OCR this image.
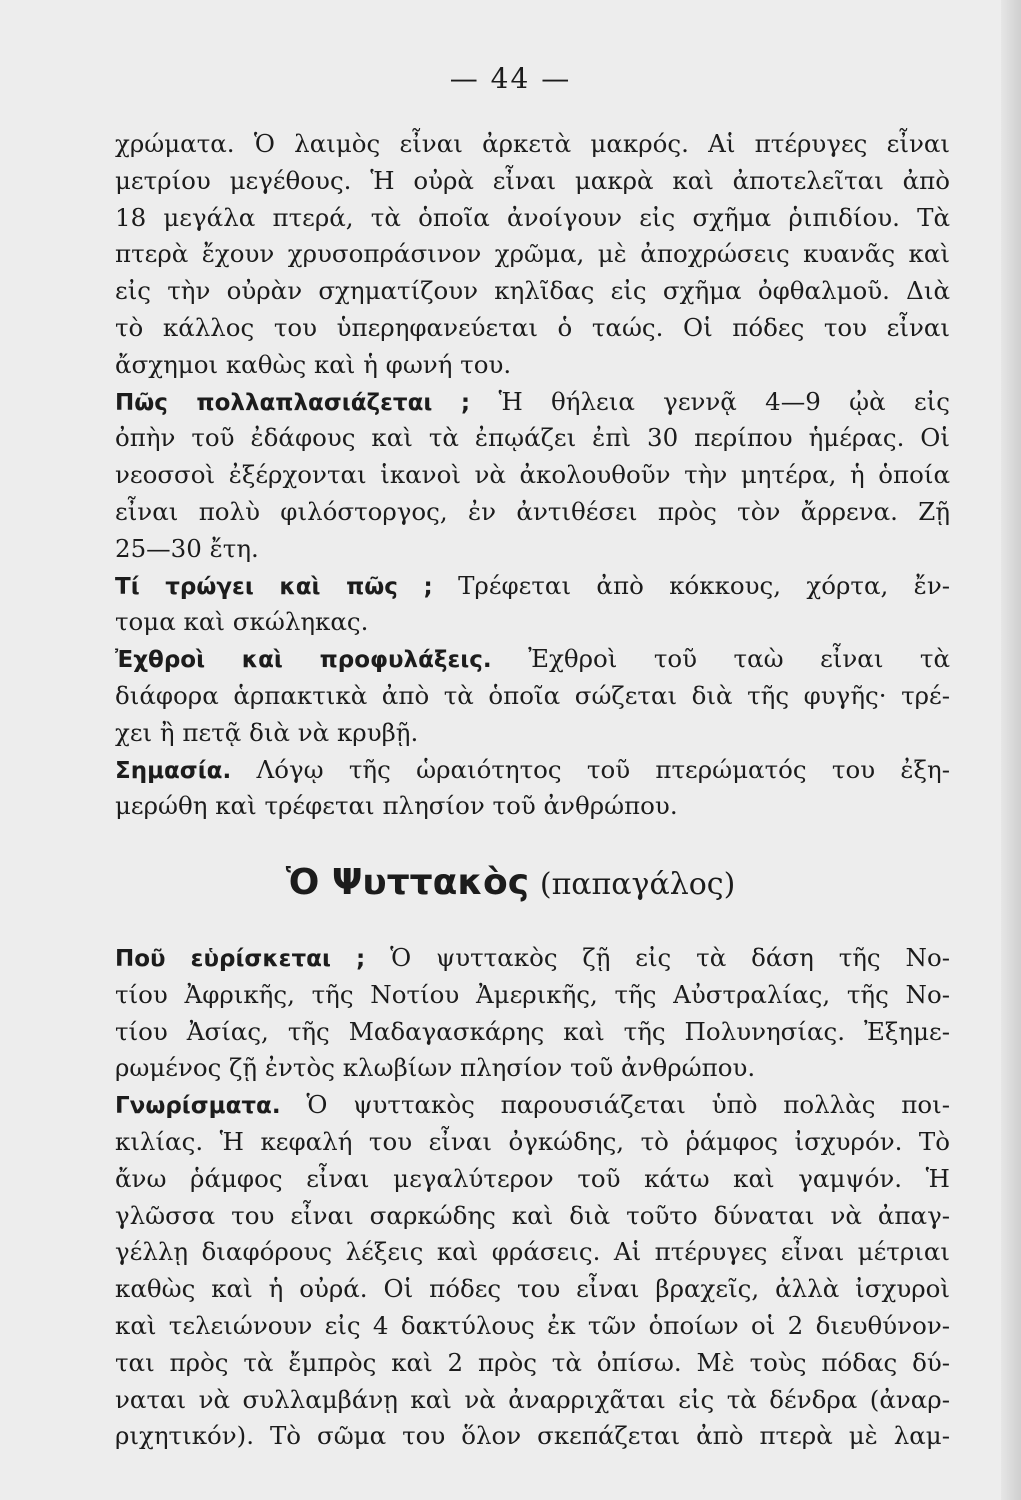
— 44 —
χρώματα. Ὁ λαιμὸς εἶναι ἀρκετὰ μακρός. Αἱ πτέρυγες εἶναι
μετρίου μεγέθους. Ἡ οὐρὰ εἶναι μακρὰ καὶ ἀποτελεῖται ἀπὸ
18 μεγάλα πτερά, τὰ ὁποῖα ἀνοίγουν εἰς σχῆμα ῥιπιδίου. Τὰ
πτερὰ ἔχουν χρυσοπράσινον χρῶμα, μὲ ἀποχρώσεις κυανᾶς καὶ
εἰς τὴν οὐρὰν σχηματίζουν κηλῖδας εἰς σχῆμα ὀφθαλμοῦ. Διὰ
τὸ κάλλος του ὑπερηφανεύεται ὁ ταώς. Οἱ πόδες του εἶναι
ἄσχημοι καθὼς καὶ ἡ φωνή του.
Πῶς πολλαπλασιάζεται ; Ἡ θήλεια γεννᾷ 4—9 ᾠὰ εἰς
ὀπὴν τοῦ ἐδάφους καὶ τὰ ἐπῳάζει ἐπὶ 30 περίπου ἡμέρας. Οἱ
νεοσσοὶ ἐξέρχονται ἱκανοὶ νὰ ἀκολουθοῦν τὴν μητέρα, ἡ ὁποία
εἶναι πολὺ φιλόστοργος, ἐν ἀντιθέσει πρὸς τὸν ἄρρενα. Ζῇ
25—30 ἔτη.
Τί τρώγει καὶ πῶς ; Τρέφεται ἀπὸ κόκκους, χόρτα, ἔν-
τομα καὶ σκώληκας.
Ἐχθροὶ καὶ προφυλάξεις. Ἐχθροὶ τοῦ ταὼ εἶναι τὰ
διάφορα ἁρπακτικὰ ἀπὸ τὰ ὁποῖα σώζεται διὰ τῆς φυγῆς· τρέ-
χει ἢ πετᾷ διὰ νὰ κρυβῇ.
Σημασία. Λόγῳ τῆς ὡραιότητος τοῦ πτερώματός του ἐξη-
μερώθη καὶ τρέφεται πλησίον τοῦ ἀνθρώπου.
Ὁ Ψυττακὸς (παπαγάλος)
Ποῦ εὑρίσκεται ; Ὁ ψυττακὸς ζῇ εἰς τὰ δάση τῆς Νο-
τίου Ἀφρικῆς, τῆς Νοτίου Ἀμερικῆς, τῆς Αὐστραλίας, τῆς Νο-
τίου Ἀσίας, τῆς Μαδαγασκάρης καὶ τῆς Πολυνησίας. Ἐξημε-
ρωμένος ζῇ ἐντὸς κλωβίων πλησίον τοῦ ἀνθρώπου.
Γνωρίσματα. Ὁ ψυττακὸς παρουσιάζεται ὑπὸ πολλὰς ποι-
κιλίας. Ἡ κεφαλή του εἶναι ὀγκώδης, τὸ ῥάμφος ἰσχυρόν. Τὸ
ἄνω ῥάμφος εἶναι μεγαλύτερον τοῦ κάτω καὶ γαμψόν. Ἡ
γλῶσσα του εἶναι σαρκώδης καὶ διὰ τοῦτο δύναται νὰ ἀπαγ-
γέλλῃ διαφόρους λέξεις καὶ φράσεις. Αἱ πτέρυγες εἶναι μέτριαι
καθὼς καὶ ἡ οὐρά. Οἱ πόδες του εἶναι βραχεῖς, ἀλλὰ ἰσχυροὶ
καὶ τελειώνουν εἰς 4 δακτύλους ἐκ τῶν ὁποίων οἱ 2 διευθύνον-
ται πρὸς τὰ ἔμπρὸς καὶ 2 πρὸς τὰ ὀπίσω. Μὲ τοὺς πόδας δύ-
ναται νὰ συλλαμβάνῃ καὶ νὰ ἀναρριχᾶται εἰς τὰ δένδρα (ἀναρ-
ριχητικόν). Τὸ σῶμα του ὅλον σκεπάζεται ἀπὸ πτερὰ μὲ λαμ-
